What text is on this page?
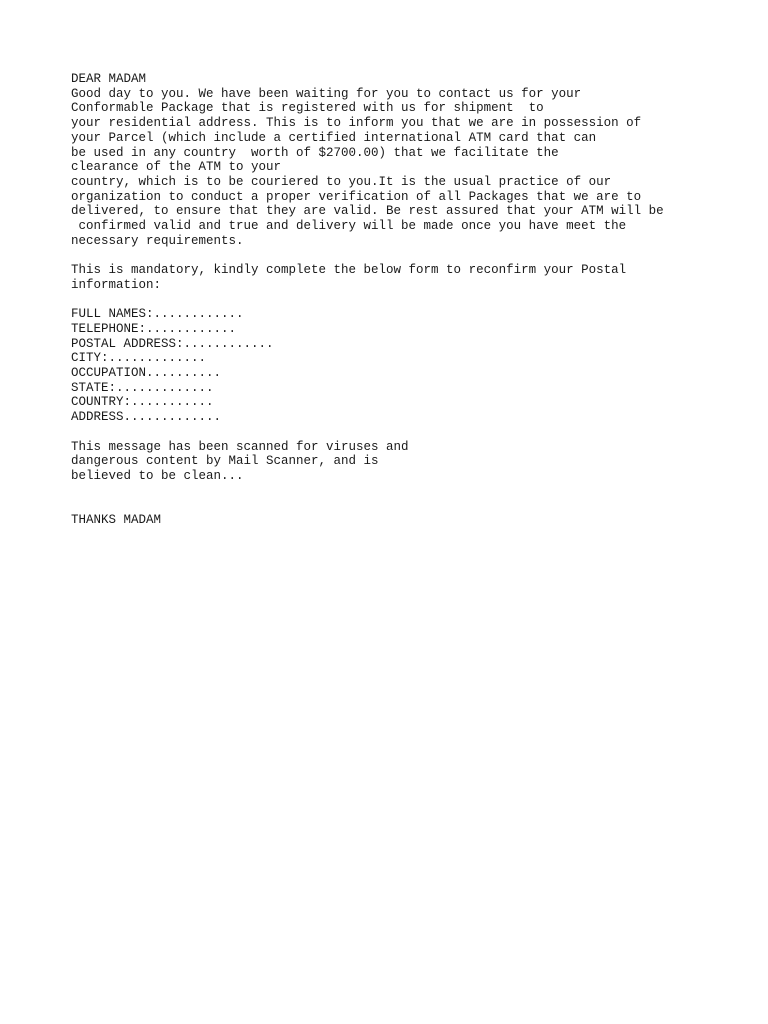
DEAR MADAM
Good day to you. We have been waiting for you to contact us for your
Conformable Package that is registered with us for shipment  to
your residential address. This is to inform you that we are in possession of
your Parcel (which include a certified international ATM card that can
be used in any country  worth of $2700.00) that we facilitate the
clearance of the ATM to your
country, which is to be couriered to you.It is the usual practice of our
organization to conduct a proper verification of all Packages that we are to
delivered, to ensure that they are valid. Be rest assured that your ATM will be
confirmed valid and true and delivery will be made once you have meet the
necessary requirements.
This is mandatory, kindly complete the below form to reconfirm your Postal
information:
FULL NAMES:............
TELEPHONE:............
POSTAL ADDRESS:............
CITY:.............
OCCUPATION..........
STATE:.............
COUNTRY:...........
ADDRESS.............
This message has been scanned for viruses and
dangerous content by Mail Scanner, and is
believed to be clean...
THANKS MADAM
